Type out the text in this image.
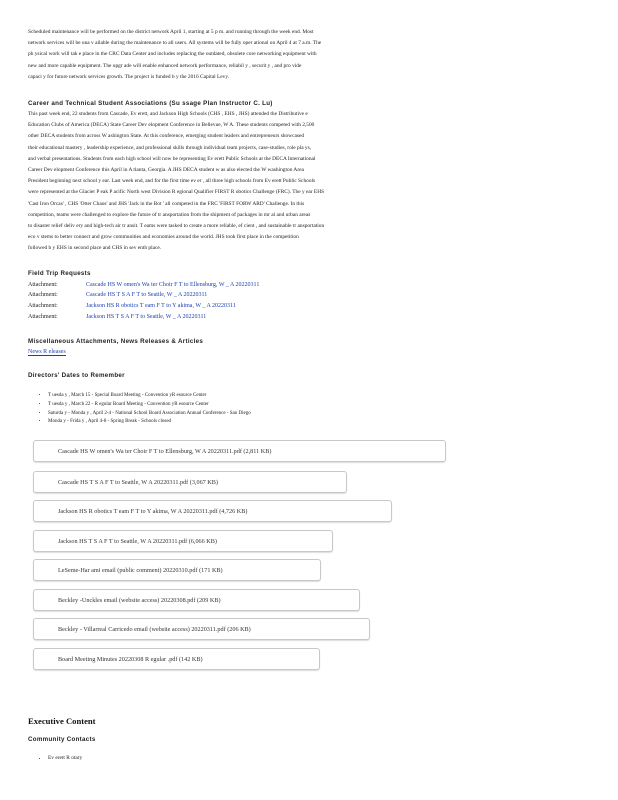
Scheduled maintenance will be performed on the district network April 1, starting at 5 p m. and running through the week end. Most
network services will be una v ailable during the maintenance to all users. All systems will be fully oper ational on April 4 at 7 a.m. The
ph ysical work will tak e place in the CRC Data Center and includes replacing the outdated, obsolete core networking equipment with
new and more capable equipment. The upgr ade will enable enhanced network performance, reliabil y , securit y , and pro vide
capaci y for future network services growth. The project is funded b y the 2016 Capital Levy.
Career and Technical Student Associations (Su ssage Plan Instructor C. Lu)
This past week end, 22 students from Cascade, Ev erett, and Jackson High Schools (CHS , EHS , JHS) attended the Distributive e
Education Clubs of America (DECA) State Career Dev elopment Conference in Bellevue, W A. These students competed with 2,500
other DECA students from across W ashington State. At this conference, emerging student leaders and entrepreneurs showcased
their educational mastery , leadership experience, and professional skills through individual team projects, case-studies, role pla ys,
and verbal presentations. Students from each high school will now be representing Ev erett Public Schools at the DECA International
Career Dev elopment Conference this April in A tlanta, Georgia. A JHS DECA student w as also elected the W washington Area
President beginning next school y ear. Last week end, and for the first time ev er , all three high schools from Ev erett Public Schools
were represented at the Glacier P eak P acific North west Division R egional Qualifier FIRST R obotics Challenge (FRC). The y ear EHS
'Cast Iron Orcas' , CHS 'Otter Chaos' and JHS 'Jack in the Bot ' all competed in the FRC 'FIRST FORW ARD' Challenge. In this
competition, teams were challenged to explore the future of tr ansportation from the shipment of packages in mr al and urban areas
to disaster relief deliv ery and high-tech air tr ansit. T eams were tasked to create a more reliable, ef cient , and sustainable tr ansportation
eco v stems to better connect and grow communities and economies around the world. JHS took first place in the competition
followed b y EHS in second place and CHS in sev enth place.
Field Trip Requests
Attachment:	Cascade HS W omen's Wa ter Choir F T to Ellensburg, W _ A 20220311
Attachment:	Cascade HS T S A F T to Seattle, W _ A 20220311
Attachment:	Jackson HS R obotics T eam F T to Y akima, W _ A 20220311
Attachment:	Jackson HS T S A F T to Seattle, W _ A 20220311
Miscellaneous Attachments, News Releases & Articles
News R eleases
Directors' Dates to Remember
• T uesda y , March 15 - Special Board Meeting - Convention yR esource Center
• T uesda y , March 22 - R egular Board Meeting - Convention yR esource Center
• Saturda y - Monda y , April 2-4 - National School Board Association Annual Conference - San Diego
• Monda y - Frida y , April 4-8 - Spring Break - Schools closed
Cascade HS W omen's Wa ter Choir F T to Ellensburg, W A 20220311.pdf (2,811 KB)
Cascade HS T S A F T to Seattle, W A 20220311.pdf (3,067 KB)
Jackson HS R obotics T eam F T to Y akima, W A 20220311.pdf (4,726 KB)
Jackson HS T S A F T to Seattle, W A 20220311.pdf (6,066 KB)
LeSeme-Har ami email (public comment) 20220310.pdf (171 KB)
Beckley -Unckles email (website access) 20220308.pdf (209 KB)
Beckley - Villarreal Carricedo email (website access) 20220311.pdf (206 KB)
Board Meeting Minutes 20220308 R egular .pdf (142 KB)
Executive Content
Community Contacts
• Ev erett R otary
